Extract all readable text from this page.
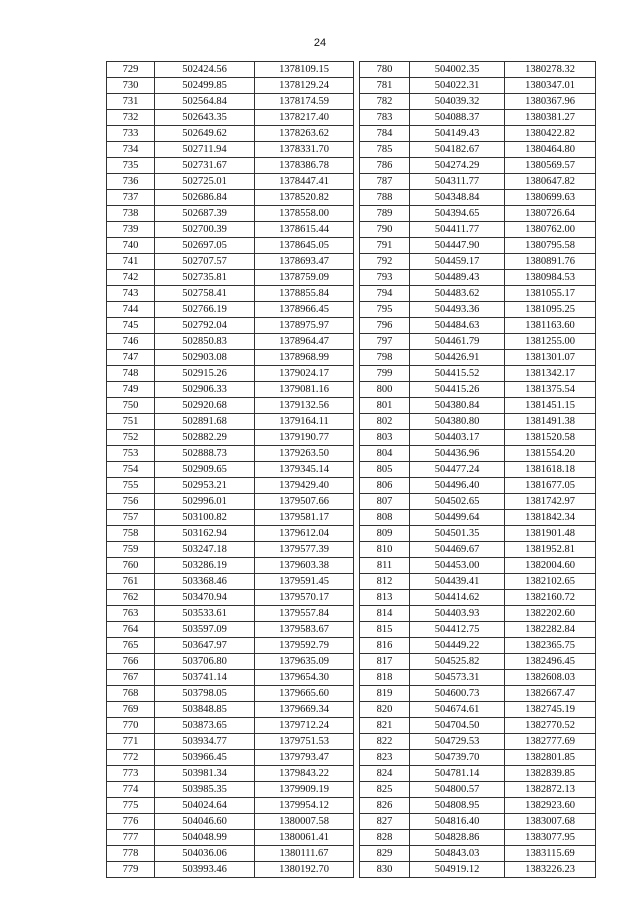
24
729	502424.56	1378109.15
730	502499.85	1378129.24
731	502564.84	1378174.59
732	502643.35	1378217.40
733	502649.62	1378263.62
734	502711.94	1378331.70
735	502731.67	1378386.78
736	502725.01	1378447.41
737	502686.84	1378520.82
738	502687.39	1378558.00
739	502700.39	1378615.44
740	502697.05	1378645.05
741	502707.57	1378693.47
742	502735.81	1378759.09
743	502758.41	1378855.84
744	502766.19	1378966.45
745	502792.04	1378975.97
746	502850.83	1378964.47
747	502903.08	1378968.99
748	502915.26	1379024.17
749	502906.33	1379081.16
750	502920.68	1379132.56
751	502891.68	1379164.11
752	502882.29	1379190.77
753	502888.73	1379263.50
754	502909.65	1379345.14
755	502953.21	1379429.40
756	502996.01	1379507.66
757	503100.82	1379581.17
758	503162.94	1379612.04
759	503247.18	1379577.39
760	503286.19	1379603.38
761	503368.46	1379591.45
762	503470.94	1379570.17
763	503533.61	1379557.84
764	503597.09	1379583.67
765	503647.97	1379592.79
766	503706.80	1379635.09
767	503741.14	1379654.30
768	503798.05	1379665.60
769	503848.85	1379669.34
770	503873.65	1379712.24
771	503934.77	1379751.53
772	503966.45	1379793.47
773	503981.34	1379843.22
774	503985.35	1379909.19
775	504024.64	1379954.12
776	504046.60	1380007.58
777	504048.99	1380061.41
778	504036.06	1380111.67
779	503993.46	1380192.70
780	504002.35	1380278.32
781	504022.31	1380347.01
782	504039.32	1380367.96
783	504088.37	1380381.27
784	504149.43	1380422.82
785	504182.67	1380464.80
786	504274.29	1380569.57
787	504311.77	1380647.82
788	504348.84	1380699.63
789	504394.65	1380726.64
790	504411.77	1380762.00
791	504447.90	1380795.58
792	504459.17	1380891.76
793	504489.43	1380984.53
794	504483.62	1381055.17
795	504493.36	1381095.25
796	504484.63	1381163.60
797	504461.79	1381255.00
798	504426.91	1381301.07
799	504415.52	1381342.17
800	504415.26	1381375.54
801	504380.84	1381451.15
802	504380.80	1381491.38
803	504403.17	1381520.58
804	504436.96	1381554.20
805	504477.24	1381618.18
806	504496.40	1381677.05
807	504502.65	1381742.97
808	504499.64	1381842.34
809	504501.35	1381901.48
810	504469.67	1381952.81
811	504453.00	1382004.60
812	504439.41	1382102.65
813	504414.62	1382160.72
814	504403.93	1382202.60
815	504412.75	1382282.84
816	504449.22	1382365.75
817	504525.82	1382496.45
818	504573.31	1382608.03
819	504600.73	1382667.47
820	504674.61	1382745.19
821	504704.50	1382770.52
822	504729.53	1382777.69
823	504739.70	1382801.85
824	504781.14	1382839.85
825	504800.57	1382872.13
826	504808.95	1382923.60
827	504816.40	1383007.68
828	504828.86	1383077.95
829	504843.03	1383115.69
830	504919.12	1383226.23
